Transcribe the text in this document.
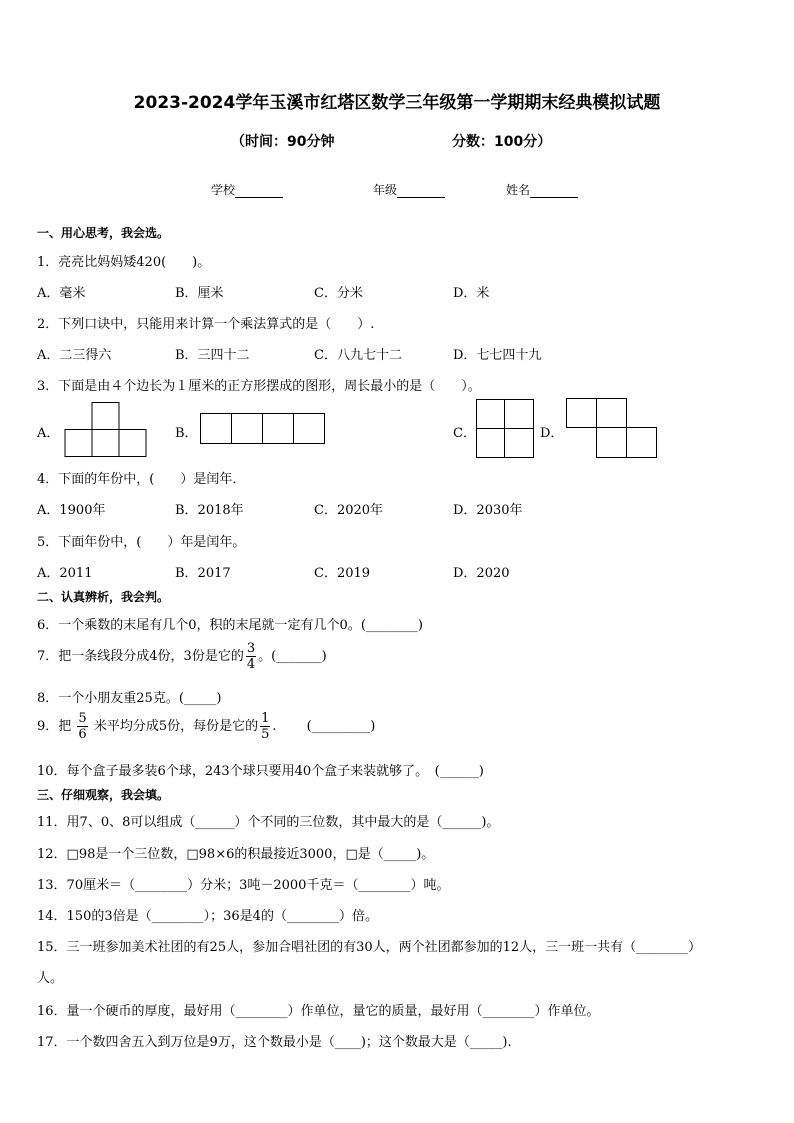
2023-2024学年玉溪市红塔区数学三年级第一学期期末经典模拟试题
（时间：90分钟	分数：100分）
学校	年级	姓名
一、用心思考，我会选。
1．亮亮比妈妈矮420(　　)。
A．毫米	B．厘米	C．分米	D．米
2．下列口诀中，只能用来计算一个乘法算式的是（　　）.
A．二三得六	B．三四十二	C．八九七十二	D．七七四十九
3．下面是由４个边长为１厘米的正方形摆成的图形，周长最小的是（　　）。
A．	B．	C．	D．
4．下面的年份中，(　　）是闰年．
A．1900年	B．2018年	C．2020年	D．2030年
5．下面年份中，(　　）年是闰年。
A．2011	B．2017	C．2019	D．2020
二、认真辨析，我会判。
6．一个乘数的末尾有几个0，积的末尾就一定有几个0。(________)
7．把一条线段分成4份，3份是它的 $\frac{3}{4}$ 。(_______)
8．一个小朋友重25克。(_____)
9．把 $\frac{5}{6}$ 米平均分成5份，每份是它的 $\frac{1}{5}$ .　　 (_________)
10．每个盒子最多装6个球，243个球只要用40个盒子来装就够了。　(______)
三、仔细观察，我会填。
11．用7、0、8可以组成（______）个不同的三位数，其中最大的是（______)。
12．□98是一个三位数，□98×6的积最接近3000，□是（_____)。
13．70厘米＝（________）分米；3吨－2000千克＝（________）吨。
14．150的3倍是（________）；36是4的（________）倍。
15．三一班参加美术社团的有25人，参加合唱社团的有30人，两个社团都参加的12人，三一班一共有（________）
人。
16．量一个硬币的厚度，最好用（________）作单位，量它的质量，最好用（________）作单位。
17．一个数四舍五入到万位是9万，这个数最小是（____)；这个数最大是（_____).
